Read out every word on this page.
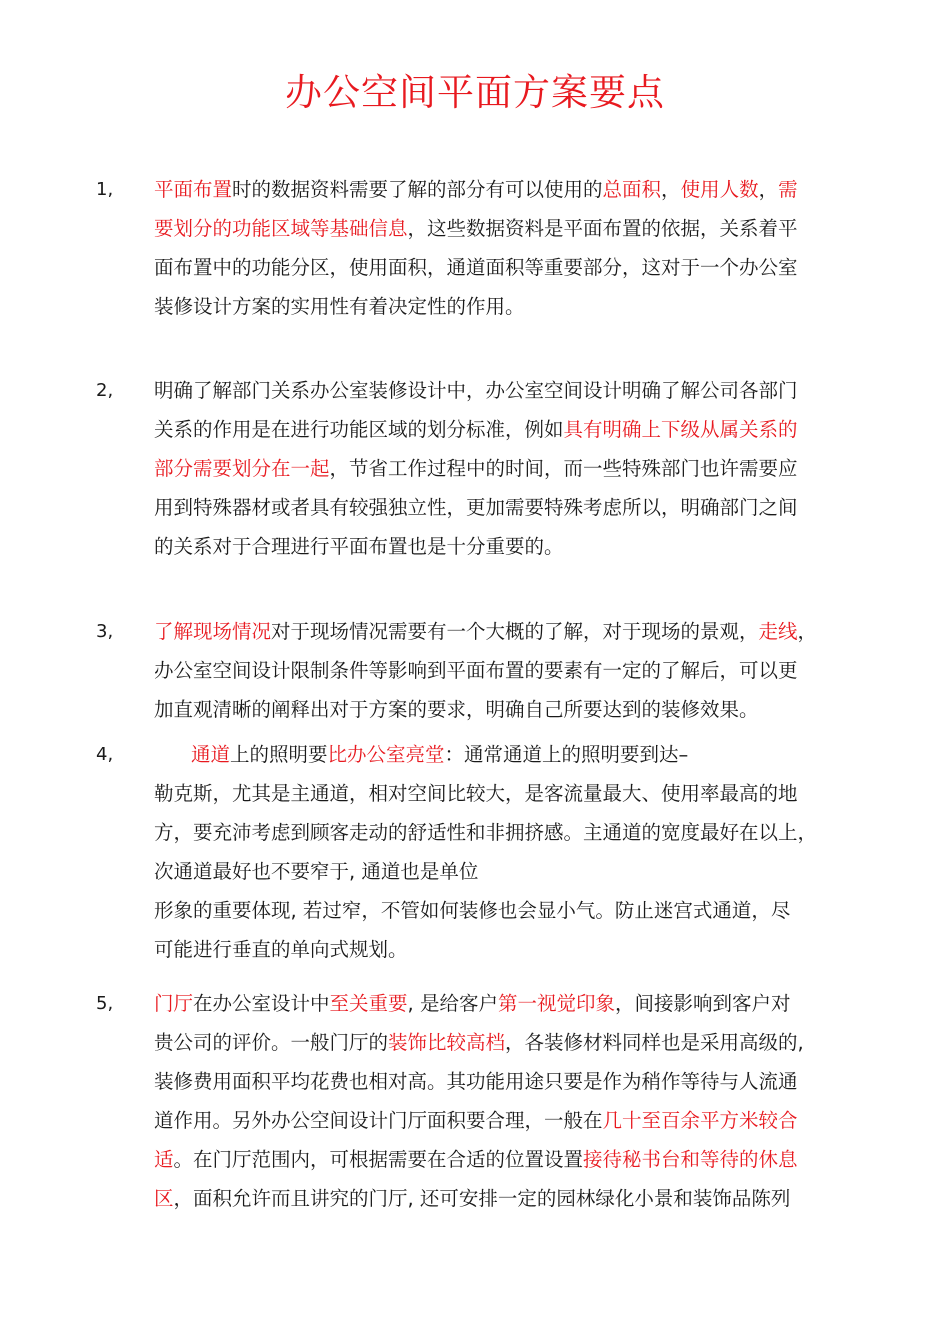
办公空间平面方案要点
1, 平面布置时的数据资料需要了解的部分有可以使用的总面积，使用人数，需
要划分的功能区域等基础信息，这些数据资料是平面布置的依据，关系着平
面布置中的功能分区，使用面积，通道面积等重要部分，这对于一个办公室
装修设计方案的实用性有着决定性的作用。
2, 明确了解部门关系办公室装修设计中，办公室空间设计明确了解公司各部门
关系的作用是在进行功能区域的划分标准，例如具有明确上下级从属关系的
部分需要划分在一起，节省工作过程中的时间，而一些特殊部门也许需要应
用到特殊器材或者具有较强独立性，更加需要特殊考虑所以，明确部门之间
的关系对于合理进行平面布置也是十分重要的。
3, 了解现场情况对于现场情况需要有一个大概的了解，对于现场的景观，走线，
办公室空间设计限制条件等影响到平面布置的要素有一定的了解后，可以更
加直观清晰的阐释出对于方案的要求，明确自己所要达到的装修效果。
4,	通道上的照明要比办公室亮堂：通常通道上的照明要到达–
勒克斯，尤其是主通道，相对空间比较大，是客流量最大、使用率最高的地
方，要充沛考虑到顾客走动的舒适性和非拥挤感。主通道的宽度最好在以上，
次通道最好也不要窄于, 通道也是单位
形象的重要体现, 若过窄，不管如何装修也会显小气。防止迷宫式通道，尽
可能进行垂直的单向式规划。
5, 门厅在办公室设计中至关重要, 是给客户第一视觉印象，间接影响到客户对
贵公司的评价。一般门厅的装饰比较高档，各装修材料同样也是采用高级的,
装修费用面积平均花费也相对高。其功能用途只要是作为稍作等待与人流通
道作用。另外办公空间设计门厅面积要合理，一般在几十至百余平方米较合
适。在门厅范围内，可根据需要在合适的位置设置接待秘书台和等待的休息
区，面积允许而且讲究的门厅, 还可安排一定的园林绿化小景和装饰品陈列
